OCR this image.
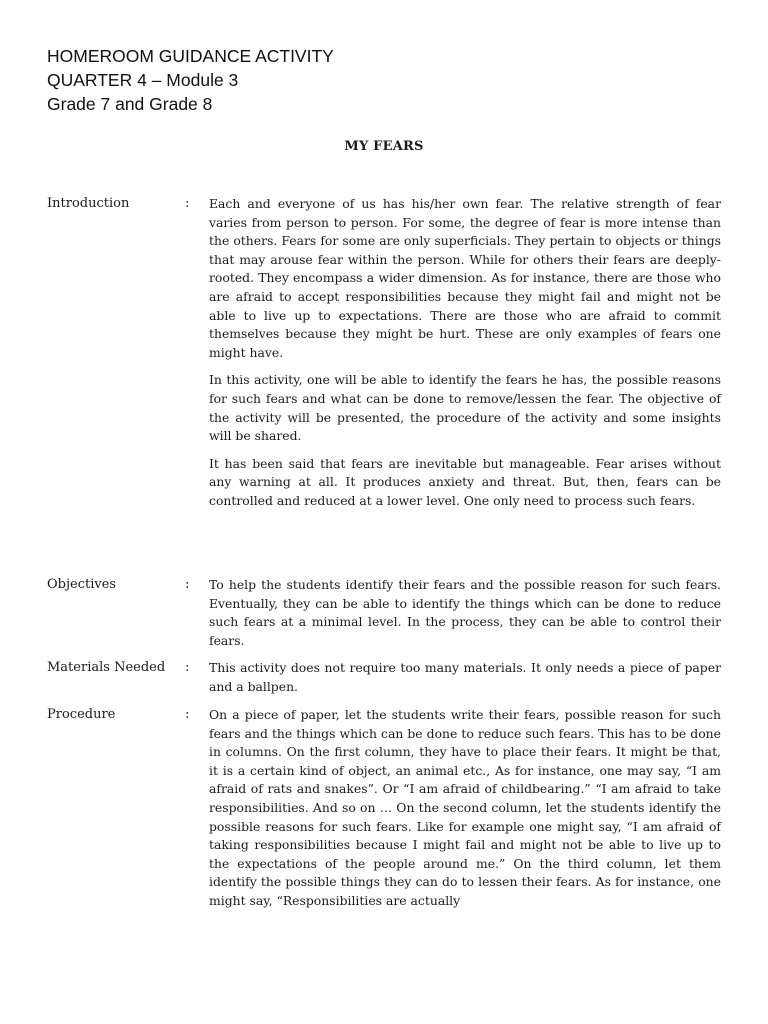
HOMEROOM GUIDANCE ACTIVITY
QUARTER 4 – Module 3
Grade 7 and Grade 8
MY FEARS
Introduction	: Each and everyone of us has his/her own fear. The relative strength of fear varies from person to person. For some, the degree of fear is more intense than the others. Fears for some are only superficials. They pertain to objects or things that may arouse fear within the person. While for others their fears are deeply-rooted. They encompass a wider dimension. As for instance, there are those who are afraid to accept responsibilities because they might fail and might not be able to live up to expectations. There are those who are afraid to commit themselves because they might be hurt. These are only examples of fears one might have.

In this activity, one will be able to identify the fears he has, the possible reasons for such fears and what can be done to remove/lessen the fear. The objective of the activity will be presented, the procedure of the activity and some insights will be shared.

It has been said that fears are inevitable but manageable. Fear arises without any warning at all. It produces anxiety and threat. But, then, fears can be controlled and reduced at a lower level. One only need to process such fears.

Objectives	: To help the students identify their fears and the possible reason for such fears. Eventually, they can be able to identify the things which can be done to reduce such fears at a minimal level. In the process, they can be able to control their fears.

Materials Needed : This activity does not require too many materials. It only needs a piece of paper and a ballpen.

Procedure	: On a piece of paper, let the students write their fears, possible reason for such fears and the things which can be done to reduce such fears. This has to be done in columns. On the first column, they have to place their fears. It might be that, it is a certain kind of object, an animal etc., As for instance, one may say, “I am afraid of rats and snakes”. Or “I am afraid of childbearing.” “I am afraid to take responsibilities. And so on … On the second column, let the students identify the possible reasons for such fears. Like for example one might say, “I am afraid of taking responsibilities because I might fail and might not be able to live up to the expectations of the people around me.” On the third column, let them identify the possible things they can do to lessen their fears. As for instance, one might say, “Responsibilities are actually
